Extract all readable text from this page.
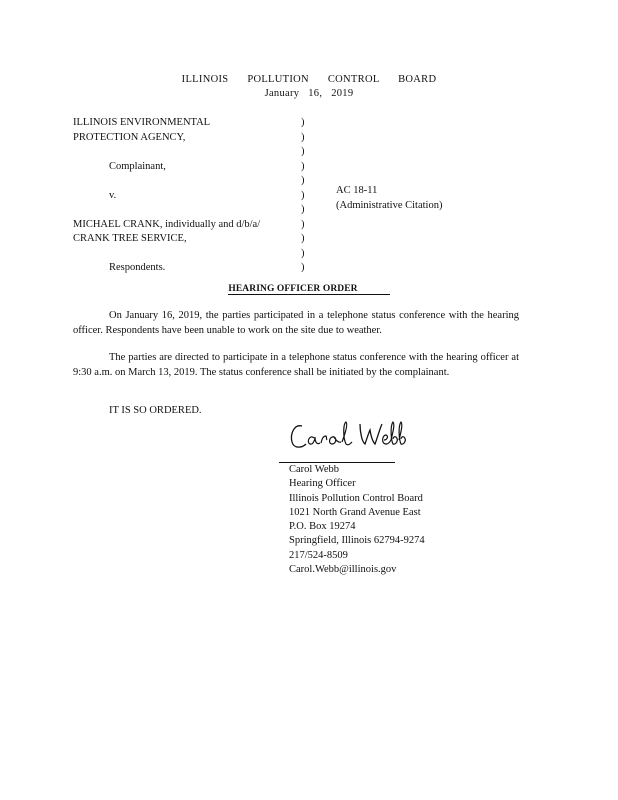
ILLINOIS POLLUTION CONTROL BOARD
January 16, 2019
ILLINOIS ENVIRONMENTAL
PROTECTION AGENCY,

Complainant,

v.

MICHAEL CRANK, individually and d/b/a/
CRANK TREE SERVICE,

Respondents.
)
)
)
)
)
)
)
)
)
)
)
AC 18-11
(Administrative Citation)
HEARING OFFICER ORDER
On January 16, 2019, the parties participated in a telephone status conference with the hearing officer. Respondents have been unable to work on the site due to weather.
The parties are directed to participate in a telephone status conference with the hearing officer at 9:30 a.m. on March 13, 2019. The status conference shall be initiated by the complainant.
IT IS SO ORDERED.
Carol Webb
Hearing Officer
Illinois Pollution Control Board
1021 North Grand Avenue East
P.O. Box 19274
Springfield, Illinois 62794-9274
217/524-8509
Carol.Webb@illinois.gov
